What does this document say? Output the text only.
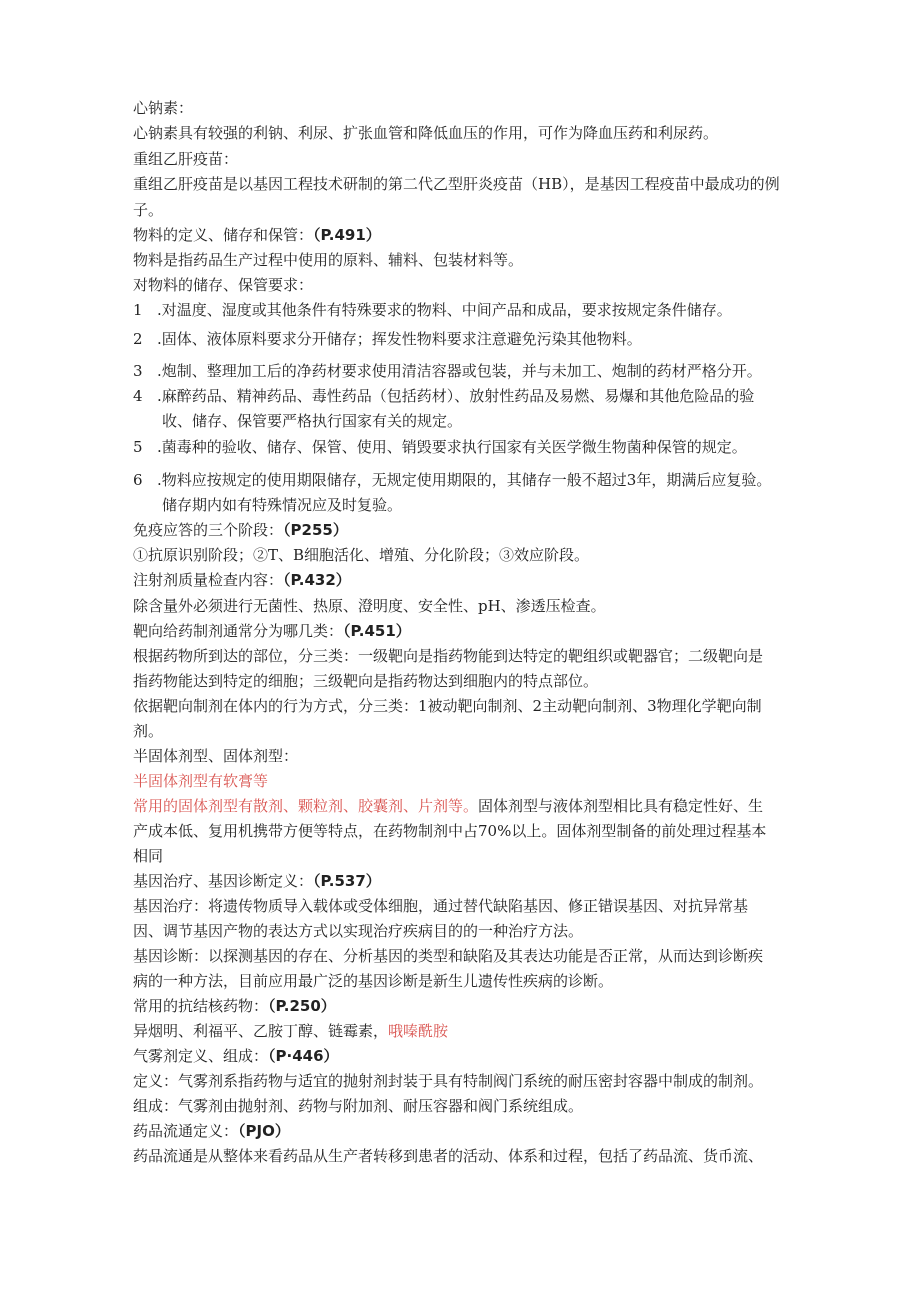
心钠素：
心钠素具有较强的利钠、利尿、扩张血管和降低血压的作用，可作为降血压药和利尿药。
重组乙肝疫苗：
重组乙肝疫苗是以基因工程技术研制的第二代乙型肝炎疫苗（HB），是基因工程疫苗中最成功的例
子。
物料的定义、储存和保管：（P.491）
物料是指药品生产过程中使用的原料、辅料、包装材料等。
对物料的储存、保管要求：
1 .对温度、湿度或其他条件有特殊要求的物料、中间产品和成品，要求按规定条件储存。
2 .固体、液体原料要求分开储存；挥发性物料要求注意避免污染其他物料。
3 .炮制、整理加工后的净药材要求使用清洁容器或包装，并与未加工、炮制的药材严格分开。
4 .麻醉药品、精神药品、毒性药品（包括药材）、放射性药品及易燃、易爆和其他危险品的验
收、储存、保管要严格执行国家有关的规定。
5 .菌毒种的验收、储存、保管、使用、销毁要求执行国家有关医学微生物菌种保管的规定。
6 .物料应按规定的使用期限储存，无规定使用期限的，其储存一般不超过3年，期满后应复验。
储存期内如有特殊情况应及时复验。
免疫应答的三个阶段：（P255）
①抗原识别阶段；②T、B细胞活化、增殖、分化阶段；③效应阶段。
注射剂质量检查内容：（P.432）
除含量外必须进行无菌性、热原、澄明度、安全性、pH、渗透压检查。
靶向给药制剂通常分为哪几类：（P.451）
根据药物所到达的部位，分三类：一级靶向是指药物能到达特定的靶组织或靶器官；二级靶向是
指药物能达到特定的细胞；三级靶向是指药物达到细胞内的特点部位。
依据靶向制剂在体内的行为方式，分三类：1被动靶向制剂、2主动靶向制剂、3物理化学靶向制
剂。
半固体剂型、固体剂型：
半固体剂型有软膏等
常用的固体剂型有散剂、颗粒剂、胶囊剂、片剂等。固体剂型与液体剂型相比具有稳定性好、生
产成本低、复用机携带方便等特点，在药物制剂中占70%以上。固体剂型制备的前处理过程基本
相同
基因治疗、基因诊断定义：（P.537）
基因治疗：将遗传物质导入载体或受体细胞，通过替代缺陷基因、修正错误基因、对抗异常基
因、调节基因产物的表达方式以实现治疗疾病目的的一种治疗方法。
基因诊断：以探测基因的存在、分析基因的类型和缺陷及其表达功能是否正常，从而达到诊断疾
病的一种方法，目前应用最广泛的基因诊断是新生儿遗传性疾病的诊断。
常用的抗结核药物：（P.250）
异烟明、利福平、乙胺丁醇、链霉素，哦嗪酰胺
气雾剂定义、组成：（P·446）
定义：气雾剂系指药物与适宜的抛射剂封装于具有特制阀门系统的耐压密封容器中制成的制剂。
组成：气雾剂由抛射剂、药物与附加剂、耐压容器和阀门系统组成。
药品流通定义：（PJO）
药品流通是从整体来看药品从生产者转移到患者的活动、体系和过程，包括了药品流、货币流、
